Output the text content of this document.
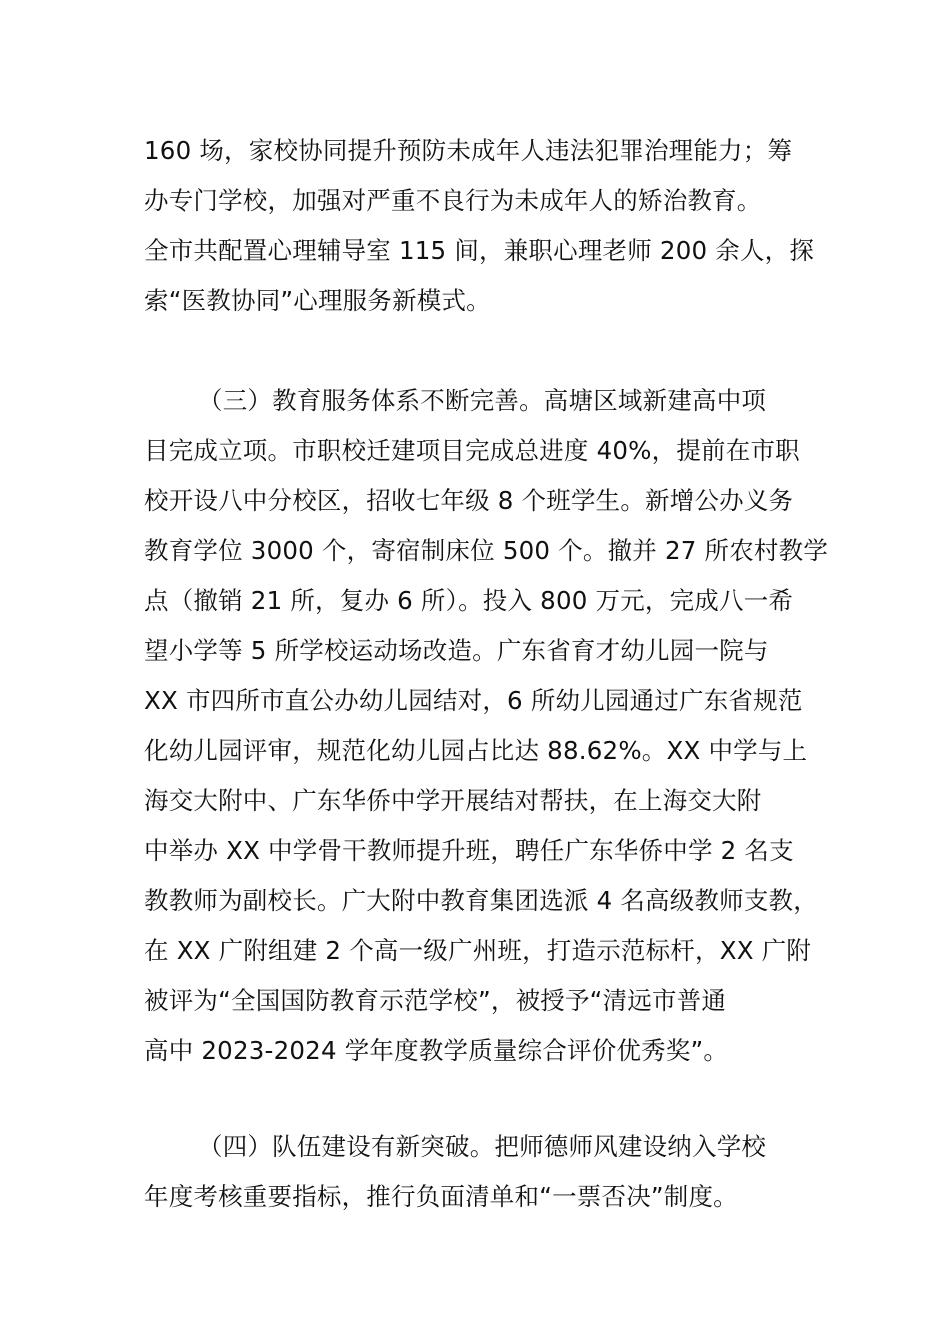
160 场，家校协同提升预防未成年人违法犯罪治理能力；筹
办专门学校，加强对严重不良行为未成年人的矫治教育。
全市共配置心理辅导室 115 间，兼职心理老师 200 余人，探
索“医教协同”心理服务新模式。
（三）教育服务体系不断完善。高塘区域新建高中项
目完成立项。市职校迁建项目完成总进度 40%，提前在市职
校开设八中分校区，招收七年级 8 个班学生。新增公办义务
教育学位 3000 个，寄宿制床位 500 个。撤并 27 所农村教学
点（撤销 21 所，复办 6 所）。投入 800 万元，完成八一希
望小学等 5 所学校运动场改造。广东省育才幼儿园一院与
XX 市四所市直公办幼儿园结对，6 所幼儿园通过广东省规范
化幼儿园评审，规范化幼儿园占比达 88.62%。XX 中学与上
海交大附中、广东华侨中学开展结对帮扶，在上海交大附
中举办 XX 中学骨干教师提升班，聘任广东华侨中学 2 名支
教教师为副校长。广大附中教育集团选派 4 名高级教师支教，
在 XX 广附组建 2 个高一级广州班，打造示范标杆，XX 广附
被评为“全国国防教育示范学校”，被授予“清远市普通
高中 2023-2024 学年度教学质量综合评价优秀奖”。
（四）队伍建设有新突破。把师德师风建设纳入学校
年度考核重要指标，推行负面清单和“一票否决”制度。
